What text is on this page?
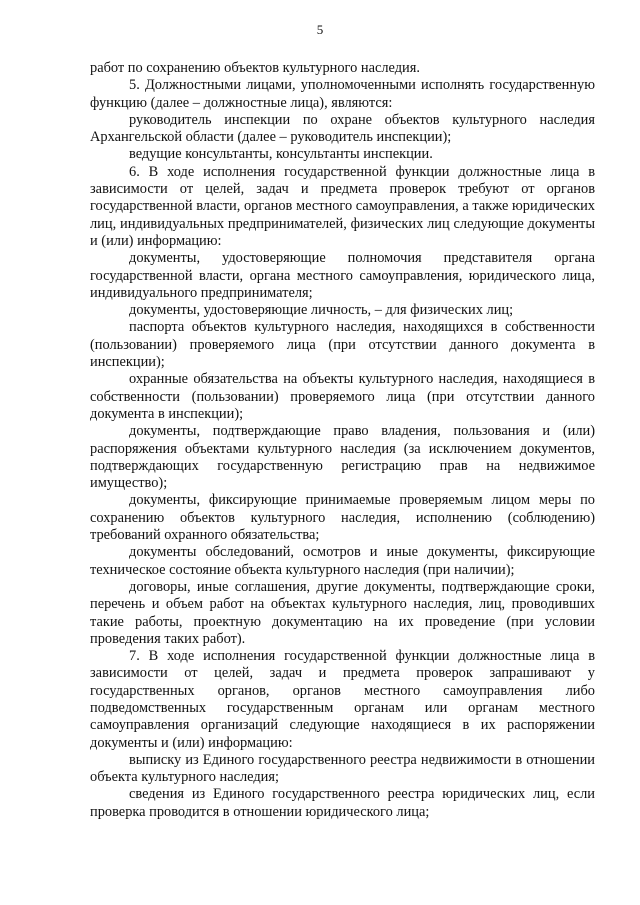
5

работ по сохранению объектов культурного наследия.

5. Должностными лицами, уполномоченными исполнять государственную функцию (далее – должностные лица), являются:

руководитель инспекции по охране объектов культурного наследия Архангельской области (далее – руководитель инспекции);

ведущие консультанты, консультанты инспекции.

6. В ходе исполнения государственной функции должностные лица в зависимости от целей, задач и предмета проверок требуют от органов государственной власти, органов местного самоуправления, а также юридических лиц, индивидуальных предпринимателей, физических лиц следующие документы и (или) информацию:

документы, удостоверяющие полномочия представителя органа государственной власти, органа местного самоуправления, юридического лица, индивидуального предпринимателя;

документы, удостоверяющие личность, – для физических лиц;

паспорта объектов культурного наследия, находящихся в собственности (пользовании) проверяемого лица (при отсутствии данного документа в инспекции);

охранные обязательства на объекты культурного наследия, находящиеся в собственности (пользовании) проверяемого лица (при отсутствии данного документа в инспекции);

документы, подтверждающие право владения, пользования и (или) распоряжения объектами культурного наследия (за исключением документов, подтверждающих государственную регистрацию прав на недвижимое имущество);

документы, фиксирующие принимаемые проверяемым лицом меры по сохранению объектов культурного наследия, исполнению (соблюдению) требований охранного обязательства;

документы обследований, осмотров и иные документы, фиксирующие техническое состояние объекта культурного наследия (при наличии);

договоры, иные соглашения, другие документы, подтверждающие сроки, перечень и объем работ на объектах культурного наследия, лиц, проводивших такие работы, проектную документацию на их проведение (при условии проведения таких работ).

7. В ходе исполнения государственной функции должностные лица в зависимости от целей, задач и предмета проверок запрашивают у государственных органов, органов местного самоуправления либо подведомственных государственным органам или органам местного самоуправления организаций следующие находящиеся в их распоряжении документы и (или) информацию:

выписку из Единого государственного реестра недвижимости в отношении объекта культурного наследия;

сведения из Единого государственного реестра юридических лиц, если проверка проводится в отношении юридического лица;
